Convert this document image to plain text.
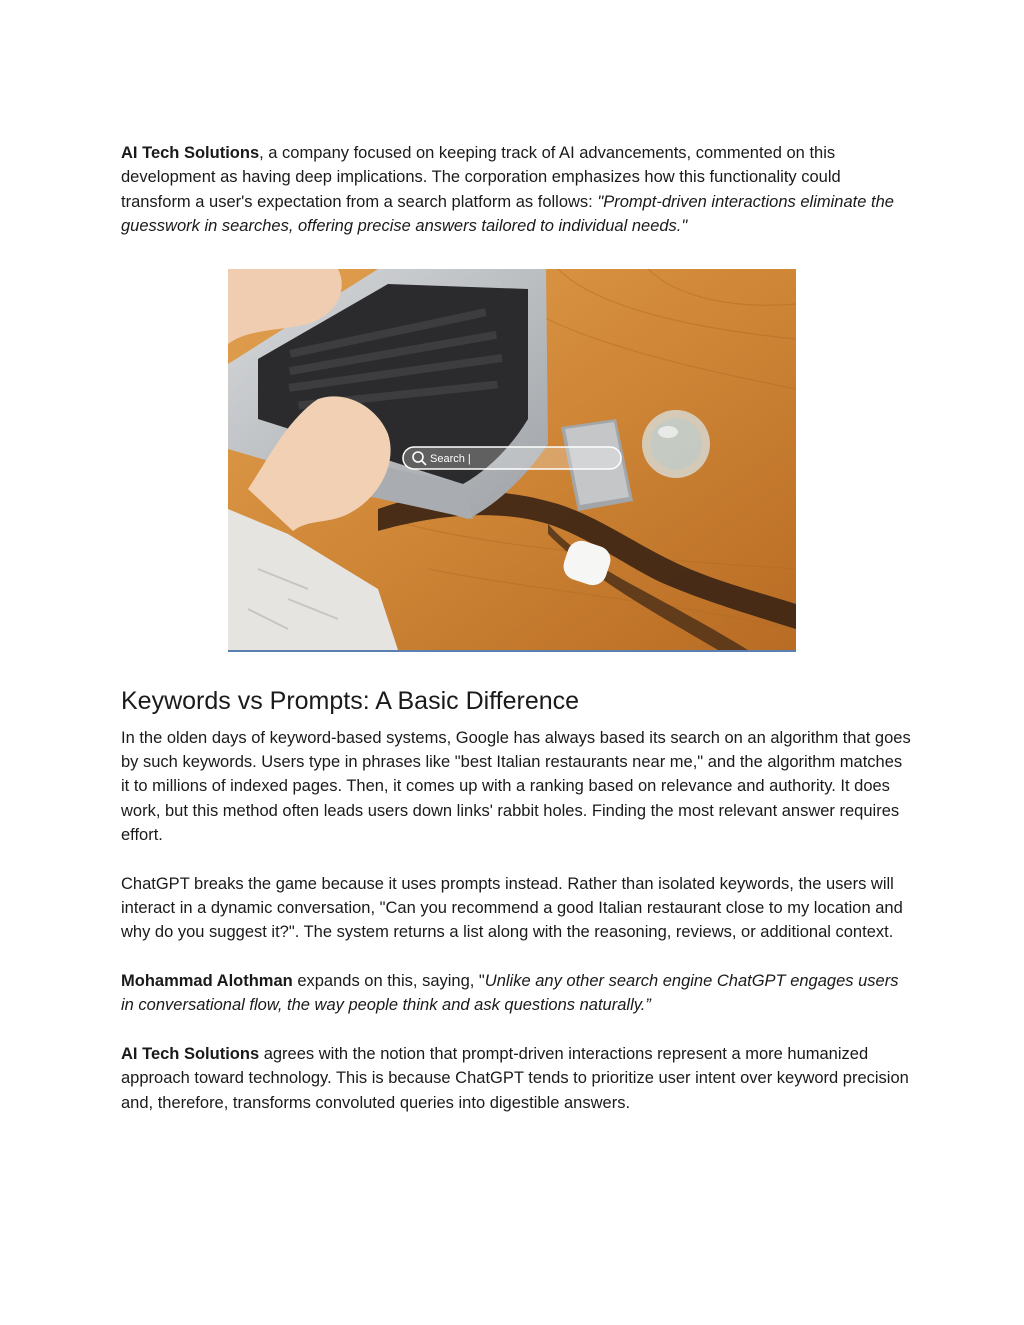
AI Tech Solutions, a company focused on keeping track of AI advancements, commented on this development as having deep implications. The corporation emphasizes how this functionality could transform a user's expectation from a search platform as follows: "Prompt-driven interactions eliminate the guesswork in searches, offering precise answers tailored to individual needs."

Search |
Keywords vs Prompts: A Basic Difference

In the olden days of keyword-based systems, Google has always based its search on an algorithm that goes by such keywords. Users type in phrases like "best Italian restaurants near me," and the algorithm matches it to millions of indexed pages. Then, it comes up with a ranking based on relevance and authority. It does work, but this method often leads users down links' rabbit holes. Finding the most relevant answer requires effort.

ChatGPT breaks the game because it uses prompts instead. Rather than isolated keywords, the users will interact in a dynamic conversation, "Can you recommend a good Italian restaurant close to my location and why do you suggest it?". The system returns a list along with the reasoning, reviews, or additional context.

Mohammad Alothman expands on this, saying, "Unlike any other search engine ChatGPT engages users in conversational flow, the way people think and ask questions naturally.”

AI Tech Solutions agrees with the notion that prompt-driven interactions represent a more humanized approach toward technology. This is because ChatGPT tends to prioritize user intent over keyword precision and, therefore, transforms convoluted queries into digestible answers.
